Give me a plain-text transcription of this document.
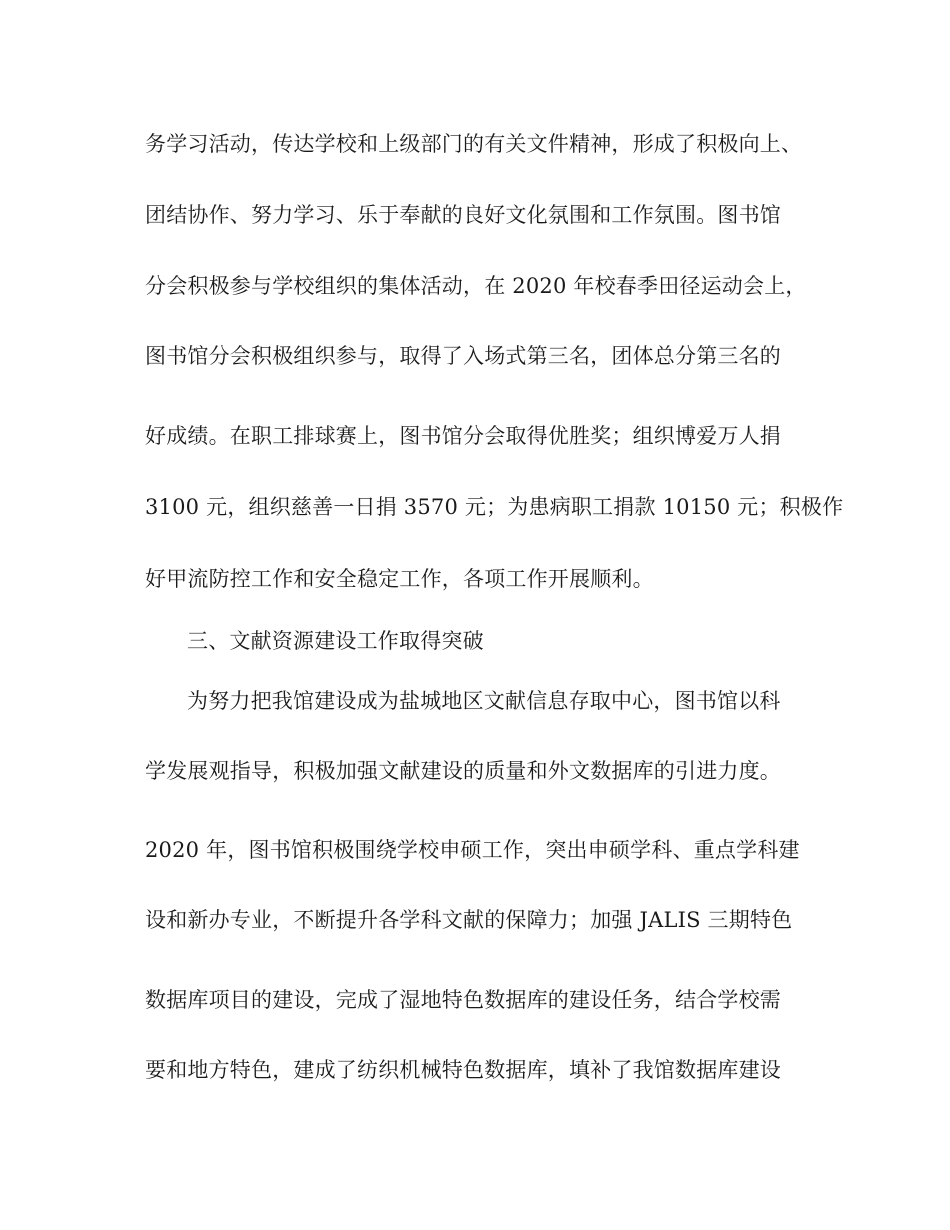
务学习活动，传达学校和上级部门的有关文件精神，形成了积极向上、
团结协作、努力学习、乐于奉献的良好文化氛围和工作氛围。图书馆
分会积极参与学校组织的集体活动，在 2020 年校春季田径运动会上，
图书馆分会积极组织参与，取得了入场式第三名，团体总分第三名的
好成绩。在职工排球赛上，图书馆分会取得优胜奖；组织博爱万人捐
3100 元，组织慈善一日捐 3570 元；为患病职工捐款 10150 元；积极作
好甲流防控工作和安全稳定工作，各项工作开展顺利。
三、文献资源建设工作取得突破
为努力把我馆建设成为盐城地区文献信息存取中心，图书馆以科
学发展观指导，积极加强文献建设的质量和外文数据库的引进力度。
2020 年，图书馆积极围绕学校申硕工作，突出申硕学科、重点学科建
设和新办专业，不断提升各学科文献的保障力；加强 JALIS 三期特色
数据库项目的建设，完成了湿地特色数据库的建设任务，结合学校需
要和地方特色，建成了纺织机械特色数据库，填补了我馆数据库建设
